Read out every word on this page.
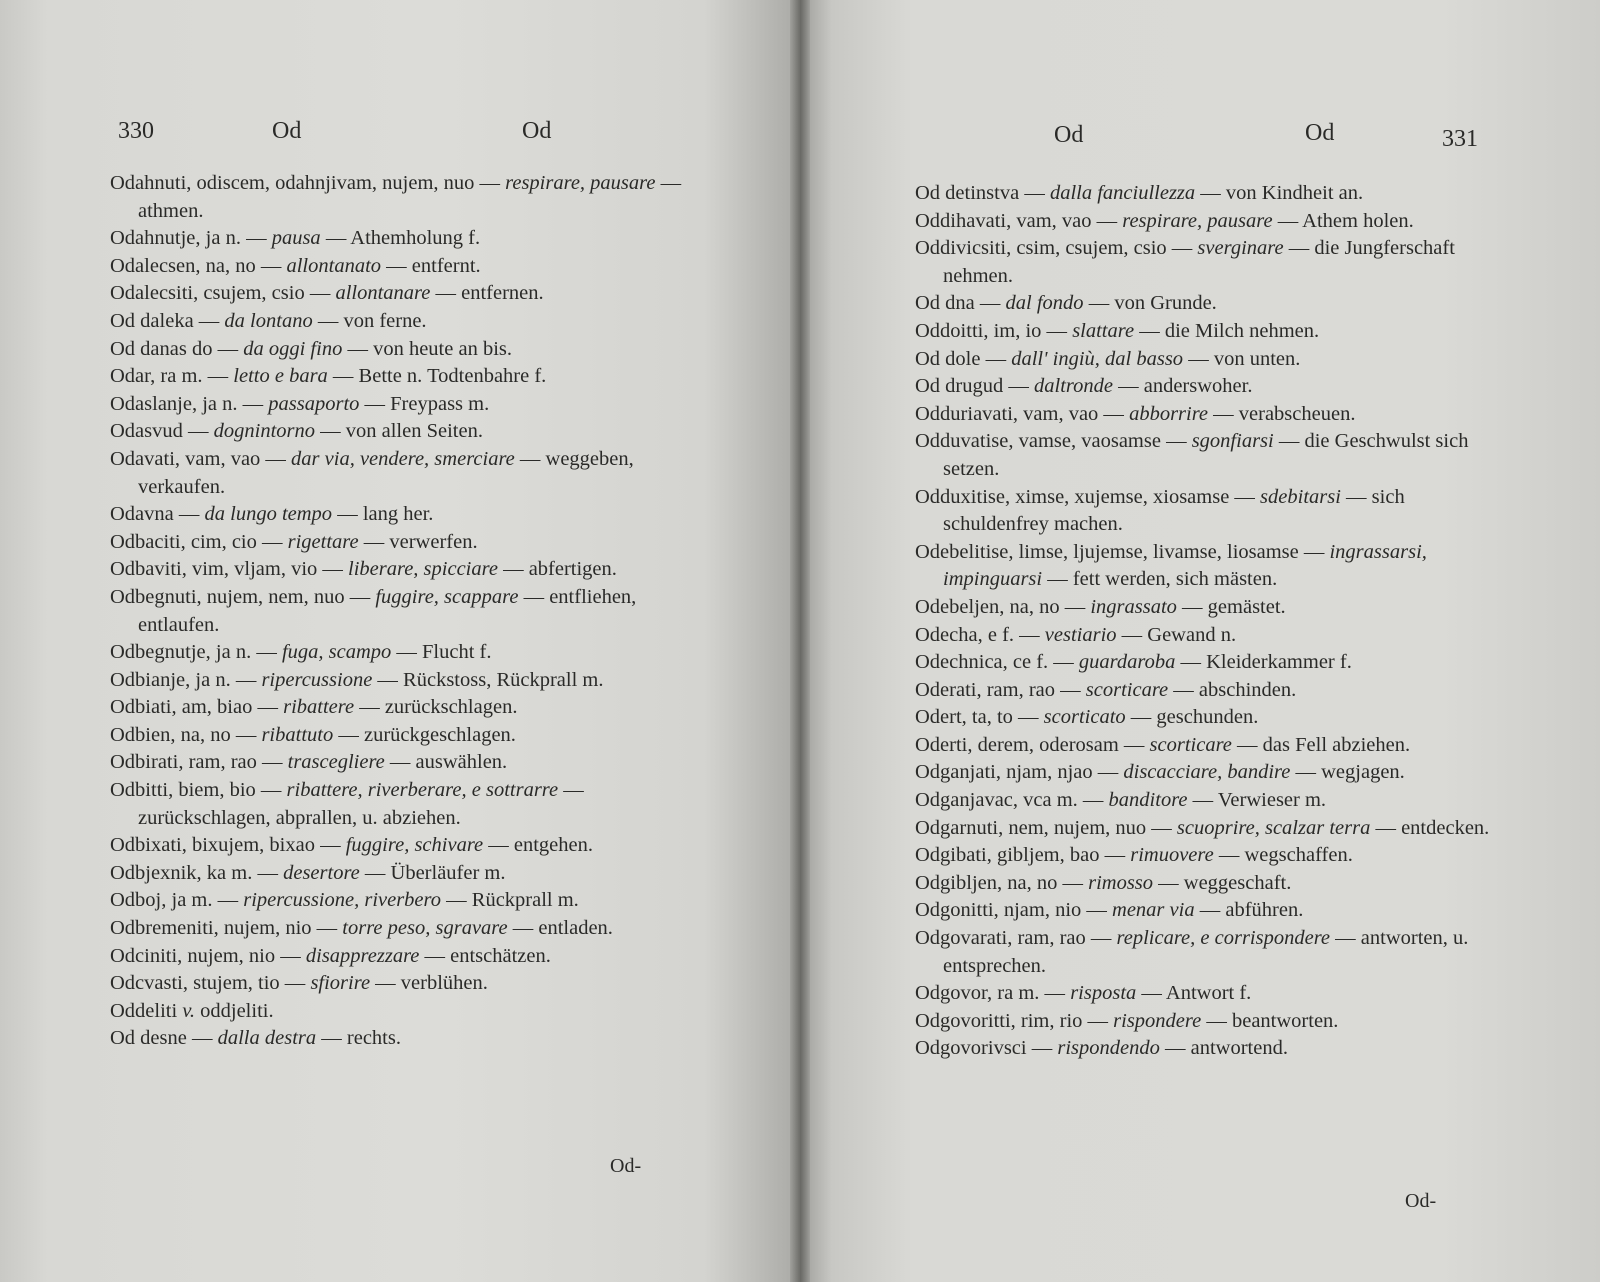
330	Od	Od

Odahnuti, odiscem, odahnjivam, nujem, nuo — respirare, pausare — athmen.

Odahnutje, ja n. — pausa — Athemholung f.

Odalecsen, na, no — allontanato — entfernt.

Odalecsiti, csujem, csio — allontanare — entfernen.

Od daleka — da lontano — von ferne.

Od danas do — da oggi fino — von heute an bis.

Odar, ra m. — letto e bara — Bette n. Todtenbahre f.

Odaslanje, ja n. — passaporto — Freypass m.

Odasvud — dognintorno — von allen Seiten.

Odavati, vam, vao — dar via, vendere, smerciare — weggeben, verkaufen.

Odavna — da lungo tempo — lang her.

Odbaciti, cim, cio — rigettare — verwerfen.

Odbaviti, vim, vljam, vio — liberare, spicciare — abfertigen.

Odbegnuti, nujem, nem, nuo — fuggire, scappare — entfliehen, entlaufen.

Odbegnutje, ja n. — fuga, scampo — Flucht f.

Odbianje, ja n. — ripercussione — Rückstoss, Rückprall m.

Odbiati, am, biao — ribattere — zurückschlagen.

Odbien, na, no — ribattuto — zurückgeschlagen.

Odbirati, ram, rao — trascegliere — auswählen.

Odbitti, biem, bio — ribattere, riverberare, e sottrarre — zurückschlagen, abprallen, u. abziehen.

Odbixati, bixujem, bixao — fuggire, schivare — entgehen.

Odbjexnik, ka m. — desertore — Überläufer m.

Odboj, ja m. — ripercussione, riverbero — Rückprall m.

Odbremeniti, nujem, nio — torre peso, sgravare — entladen.

Odciniti, nujem, nio — disapprezzare — entschätzen.

Odcvasti, stujem, tio — sfiorire — verblühen.

Oddeliti v. oddjeliti.

Od desne — dalla destra — rechts.

Od-
Od	Od	331

Od detinstva — dalla fanciullezza — von Kindheit an.

Oddihavati, vam, vao — respirare, pausare — Athem holen.

Oddivicsiti, csim, csujem, csio — sverginare — die Jungferschaft nehmen.

Od dna — dal fondo — von Grunde.

Oddoitti, im, io — slattare — die Milch nehmen.

Od dole — dall' ingiù, dal basso — von unten.

Od drugud — daltronde — anderswoher.

Odduriavati, vam, vao — abborrire — verabscheuen.

Odduvatise, vamse, vaosamse — sgonfiarsi — die Geschwulst sich setzen.

Odduxitise, ximse, xujemse, xiosamse — sdebitarsi — sich schuldenfrey machen.

Odebelitise, limse, ljujemse, livamse, liosamse — ingrassarsi, impinguarsi — fett werden, sich mästen.

Odebeljen, na, no — ingrassato — gemästet.

Odecha, e f. — vestiario — Gewand n.

Odechnica, ce f. — guardaroba — Kleiderkammer f.

Oderati, ram, rao — scorticare — abschinden.

Odert, ta, to — scorticato — geschunden.

Oderti, derem, oderosam — scorticare — das Fell abziehen.

Odganjati, njam, njao — discacciare, bandire — wegjagen.

Odganjavac, vca m. — banditore — Verwieser m.

Odgarnuti, nem, nujem, nuo — scuoprire, scalzar terra — entdecken.

Odgibati, gibljem, bao — rimuovere — wegschaffen.

Odgibljen, na, no — rimosso — weggeschaft.

Odgonitti, njam, nio — menar via — abführen.

Odgovarati, ram, rao — replicare, e corrispondere — antworten, u. entsprechen.

Odgovor, ra m. — risposta — Antwort f.

Odgovoritti, rim, rio — rispondere — beantworten.

Odgovorivsci — rispondendo — antwortend.

Od-
